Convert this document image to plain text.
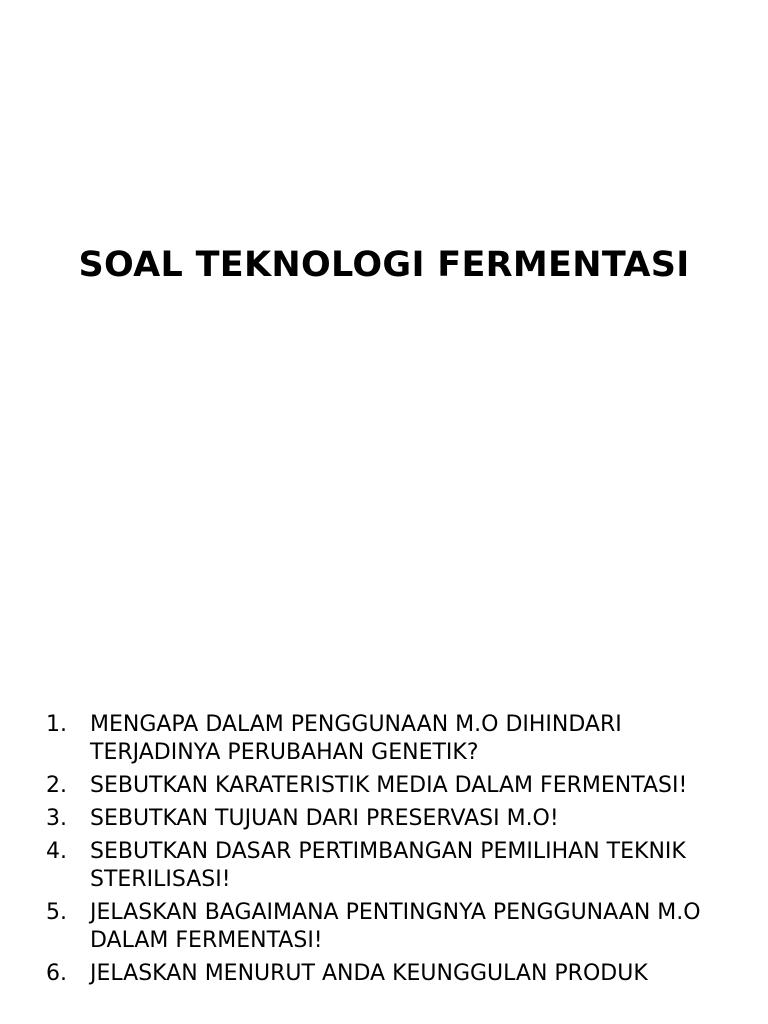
SOAL TEKNOLOGI FERMENTASI
1.	MENGAPA DALAM PENGGUNAAN M.O DIHINDARI TERJADINYA PERUBAHAN GENETIK?
2.	SEBUTKAN KARATERISTIK MEDIA DALAM FERMENTASI!
3.	SEBUTKAN TUJUAN DARI PRESERVASI M.O!
4.	SEBUTKAN DASAR PERTIMBANGAN PEMILIHAN TEKNIK STERILISASI!
5.	JELASKAN BAGAIMANA PENTINGNYA PENGGUNAAN M.O DALAM FERMENTASI!
6.	JELASKAN MENURUT ANDA KEUNGGULAN PRODUK
